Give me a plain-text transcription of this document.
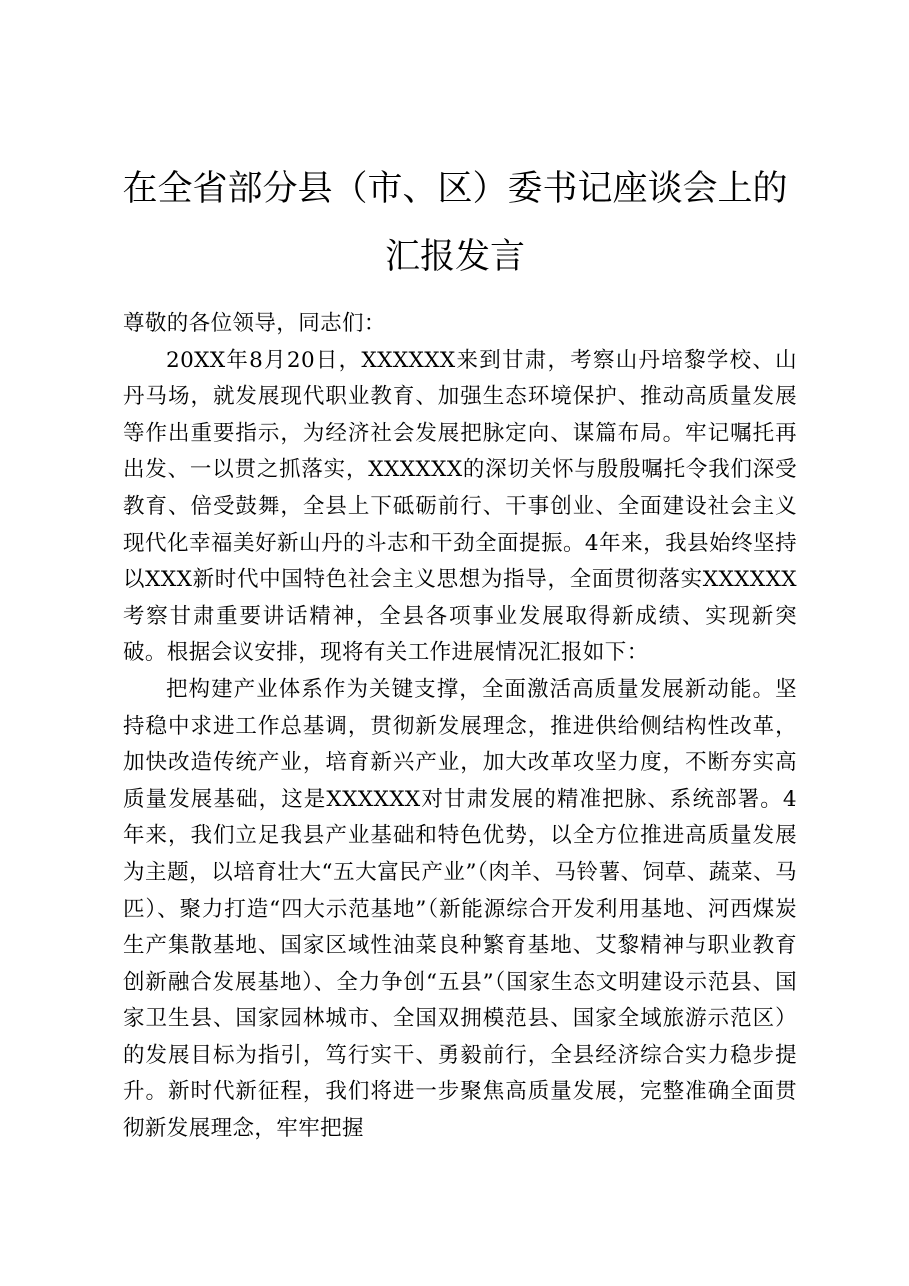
在全省部分县（市、区）委书记座谈会上的汇报发言

尊敬的各位领导，同志们：

20XX年8月20日，XXXXXX来到甘肃，考察山丹培黎学校、山丹马场，就发展现代职业教育、加强生态环境保护、推动高质量发展等作出重要指示，为经济社会发展把脉定向、谋篇布局。牢记嘱托再出发、一以贯之抓落实，XXXXXX的深切关怀与殷殷嘱托令我们深受教育、倍受鼓舞，全县上下砥砺前行、干事创业、全面建设社会主义现代化幸福美好新山丹的斗志和干劲全面提振。4年来，我县始终坚持以XXX新时代中国特色社会主义思想为指导，全面贯彻落实XXXXXX考察甘肃重要讲话精神，全县各项事业发展取得新成绩、实现新突破。根据会议安排，现将有关工作进展情况汇报如下：

把构建产业体系作为关键支撑，全面激活高质量发展新动能。坚持稳中求进工作总基调，贯彻新发展理念，推进供给侧结构性改革，加快改造传统产业，培育新兴产业，加大改革攻坚力度，不断夯实高质量发展基础，这是XXXXXX对甘肃发展的精准把脉、系统部署。4年来，我们立足我县产业基础和特色优势，以全方位推进高质量发展为主题，以培育壮大“五大富民产业”（肉羊、马铃薯、饲草、蔬菜、马匹）、聚力打造“四大示范基地”（新能源综合开发利用基地、河西煤炭生产集散基地、国家区域性油菜良种繁育基地、艾黎精神与职业教育创新融合发展基地）、全力争创“五县”（国家生态文明建设示范县、国家卫生县、国家园林城市、全国双拥模范县、国家全域旅游示范区）的发展目标为指引，笃行实干、勇毅前行，全县经济综合实力稳步提升。新时代新征程，我们将进一步聚焦高质量发展，完整准确全面贯彻新发展理念，牢牢把握
